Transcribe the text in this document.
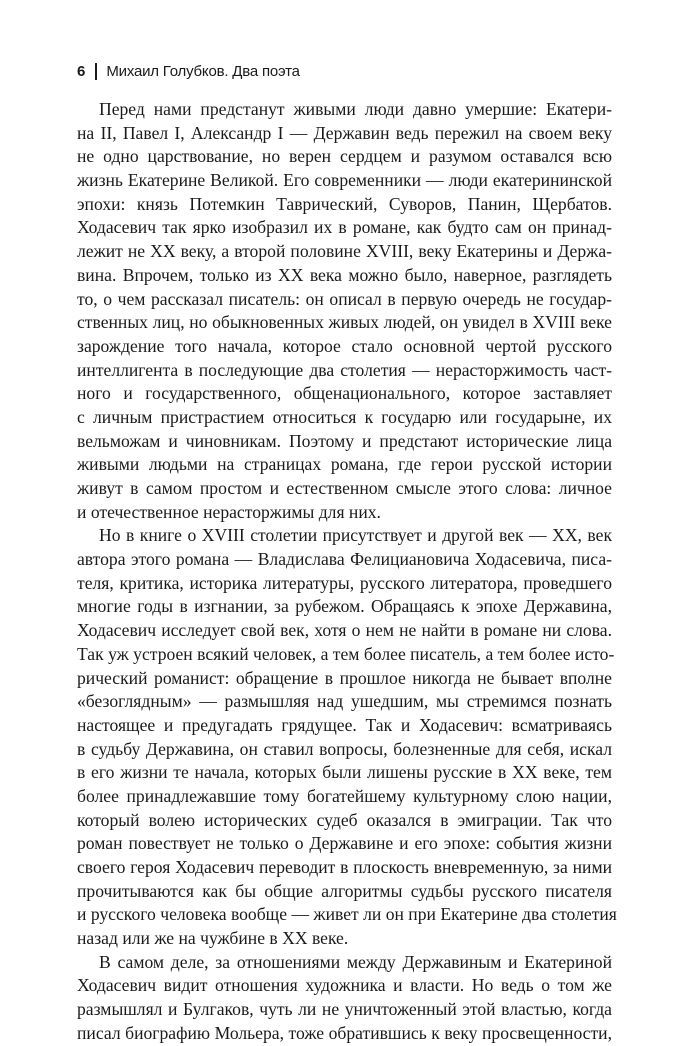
6 Михаил Голубков. Два поэта
Перед нами предстанут живыми люди давно умершие: Екатери-
на II, Павел I, Александр I — Державин ведь пережил на своем веку
не одно царствование, но верен сердцем и разумом оставался всю
жизнь Екатерине Великой. Его современники — люди екатерининской
эпохи: князь Потемкин Таврический, Суворов, Панин, Щербатов.
Ходасевич так ярко изобразил их в романе, как будто сам он принад-
лежит не XX веку, а второй половине XVIII, веку Екатерины и Держа-
вина. Впрочем, только из XX века можно было, наверное, разглядеть
то, о чем рассказал писатель: он описал в первую очередь не государ-
ственных лиц, но обыкновенных живых людей, он увидел в XVIII веке
зарождение того начала, которое стало основной чертой русского
интеллигента в последующие два столетия — нерасторжимость част-
ного и государственного, общенационального, которое заставляет
с личным пристрастием относиться к государю или государыне, их
вельможам и чиновникам. Поэтому и предстают исторические лица
живыми людьми на страницах романа, где герои русской истории
живут в самом простом и естественном смысле этого слова: личное
и отечественное нерасторжимы для них.
Но в книге о XVIII столетии присутствует и другой век — XX, век
автора этого романа — Владислава Фелициановича Ходасевича, писа-
теля, критика, историка литературы, русского литератора, проведшего
многие годы в изгнании, за рубежом. Обращаясь к эпохе Державина,
Ходасевич исследует свой век, хотя о нем не найти в романе ни слова.
Так уж устроен всякий человек, а тем более писатель, а тем более исто-
рический романист: обращение в прошлое никогда не бывает вполне
«безоглядным» — размышляя над ушедшим, мы стремимся познать
настоящее и предугадать грядущее. Так и Ходасевич: всматриваясь
в судьбу Державина, он ставил вопросы, болезненные для себя, искал
в его жизни те начала, которых были лишены русские в XX веке, тем
более принадлежавшие тому богатейшему культурному слою нации,
который волею исторических судеб оказался в эмиграции. Так что
роман повествует не только о Державине и его эпохе: события жизни
своего героя Ходасевич переводит в плоскость вневременную, за ними
прочитываются как бы общие алгоритмы судьбы русского писателя
и русского человека вообще — живет ли он при Екатерине два столетия
назад или же на чужбине в XX веке.
В самом деле, за отношениями между Державиным и Екатериной
Ходасевич видит отношения художника и власти. Но ведь о том же
размышлял и Булгаков, чуть ли не уничтоженный этой властью, когда
писал биографию Мольера, тоже обратившись к веку просвещенности,
